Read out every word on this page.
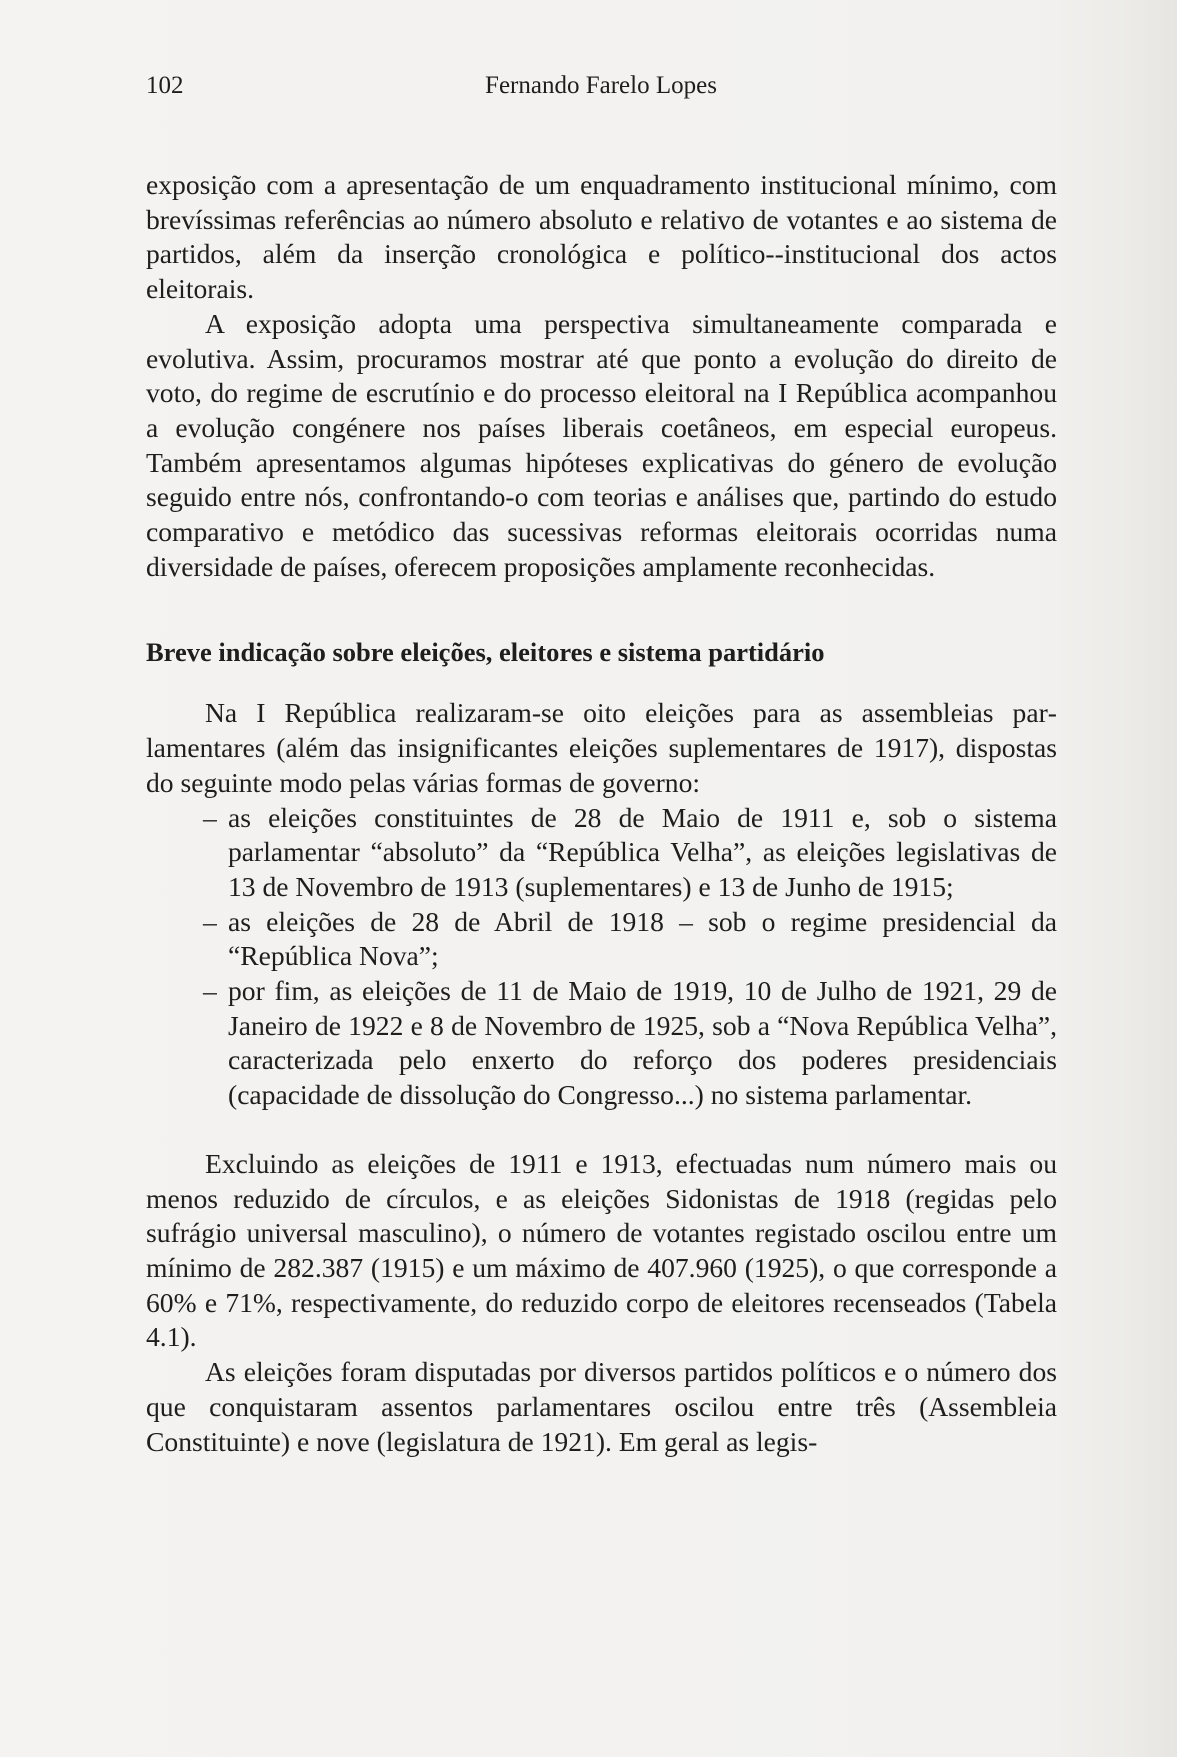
102	Fernando Farelo Lopes

exposição com a apresentação de um enquadramento institucional mínimo, com brevíssimas referências ao número absoluto e relativo de votantes e ao sistema de partidos, além da inserção cronológica e político--institucional dos actos eleitorais.

A exposição adopta uma perspectiva simultaneamente comparada e evolutiva. Assim, procuramos mostrar até que ponto a evolução do direito de voto, do regime de escrutínio e do processo eleitoral na I República acompanhou a evolução congénere nos países liberais coetâneos, em especial europeus. Também apresentamos algumas hipóteses explicativas do género de evolução seguido entre nós, confrontando-o com teorias e análises que, partindo do estudo comparativo e metódico das sucessivas reformas eleitorais ocorridas numa diversidade de países, oferecem proposições amplamente reconhecidas.

Breve indicação sobre eleições, eleitores e sistema partidário

Na I República realizaram-se oito eleições para as assembleias parlamentares (além das insignificantes eleições suplementares de 1917), dispostas do seguinte modo pelas várias formas de governo:

– as eleições constituintes de 28 de Maio de 1911 e, sob o sistema parlamentar “absoluto” da “República Velha”, as eleições legislativas de 13 de Novembro de 1913 (suplementares) e 13 de Junho de 1915;
– as eleições de 28 de Abril de 1918 – sob o regime presidencial da “República Nova”;
– por fim, as eleições de 11 de Maio de 1919, 10 de Julho de 1921, 29 de Janeiro de 1922 e 8 de Novembro de 1925, sob a “Nova República Velha”, caracterizada pelo enxerto do reforço dos poderes presidenciais (capacidade de dissolução do Congresso...) no sistema parlamentar.

Excluindo as eleições de 1911 e 1913, efectuadas num número mais ou menos reduzido de círculos, e as eleições Sidonistas de 1918 (regidas pelo sufrágio universal masculino), o número de votantes registado oscilou entre um mínimo de 282.387 (1915) e um máximo de 407.960 (1925), o que corresponde a 60% e 71%, respectivamente, do reduzido corpo de eleitores recenseados (Tabela 4.1).

As eleições foram disputadas por diversos partidos políticos e o número dos que conquistaram assentos parlamentares oscilou entre três (Assembleia Constituinte) e nove (legislatura de 1921). Em geral as legis-
